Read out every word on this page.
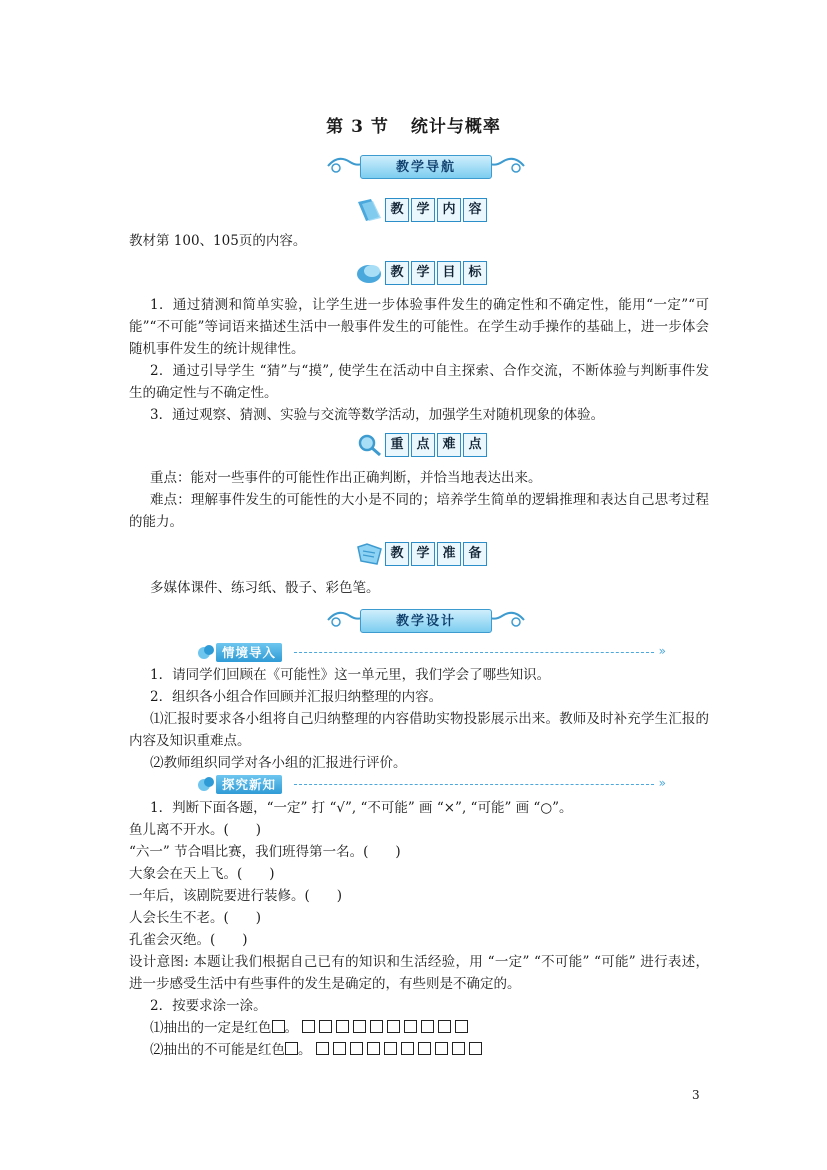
第 3 节 统计与概率
教学导航
教 学 内 容
教材第 100、105页的内容。
教 学 目 标
1．通过猜测和简单实验，让学生进一步体验事件发生的确定性和不确定性，能用“一定”“可能”“不可能”等词语来描述生活中一般事件发生的可能性。在学生动手操作的基础上，进一步体会随机事件发生的统计规律性。
2．通过引导学生 “猜”与“摸”, 使学生在活动中自主探索、合作交流，不断体验与判断事件发生的确定性与不确定性。
3．通过观察、猜测、实验与交流等数学活动，加强学生对随机现象的体验。
重 点 难 点
重点：能对一些事件的可能性作出正确判断，并恰当地表达出来。
难点：理解事件发生的可能性的大小是不同的；培养学生简单的逻辑推理和表达自己思考过程的能力。
教 学 准 备
多媒体课件、练习纸、骰子、彩色笔。
教学设计
情境导入	»
1．请同学们回顾在《可能性》这一单元里，我们学会了哪些知识。
2．组织各小组合作回顾并汇报归纳整理的内容。
⑴汇报时要求各小组将自己归纳整理的内容借助实物投影展示出来。教师及时补充学生汇报的内容及知识重难点。
⑵教师组织同学对各小组的汇报进行评价。
探究新知	»
1．判断下面各题，“一定” 打 “√”, “不可能” 画 “×”, “可能” 画 “○”。
鱼儿离不开水。(　　)
“六一” 节合唱比赛，我们班得第一名。(　　)
大象会在天上飞。(　　)
一年后，该剧院要进行装修。(　　)
人会长生不老。(　　)
孔雀会灭绝。(　　)
设计意图: 本题让我们根据自己已有的知识和生活经验，用 “一定” “不可能” “可能” 进行表述，进一步感受生活中有些事件的发生是确定的，有些则是不确定的。
2．按要求涂一涂。
⑴抽出的一定是红色 。
⑵抽出的不可能是红色 。
3
